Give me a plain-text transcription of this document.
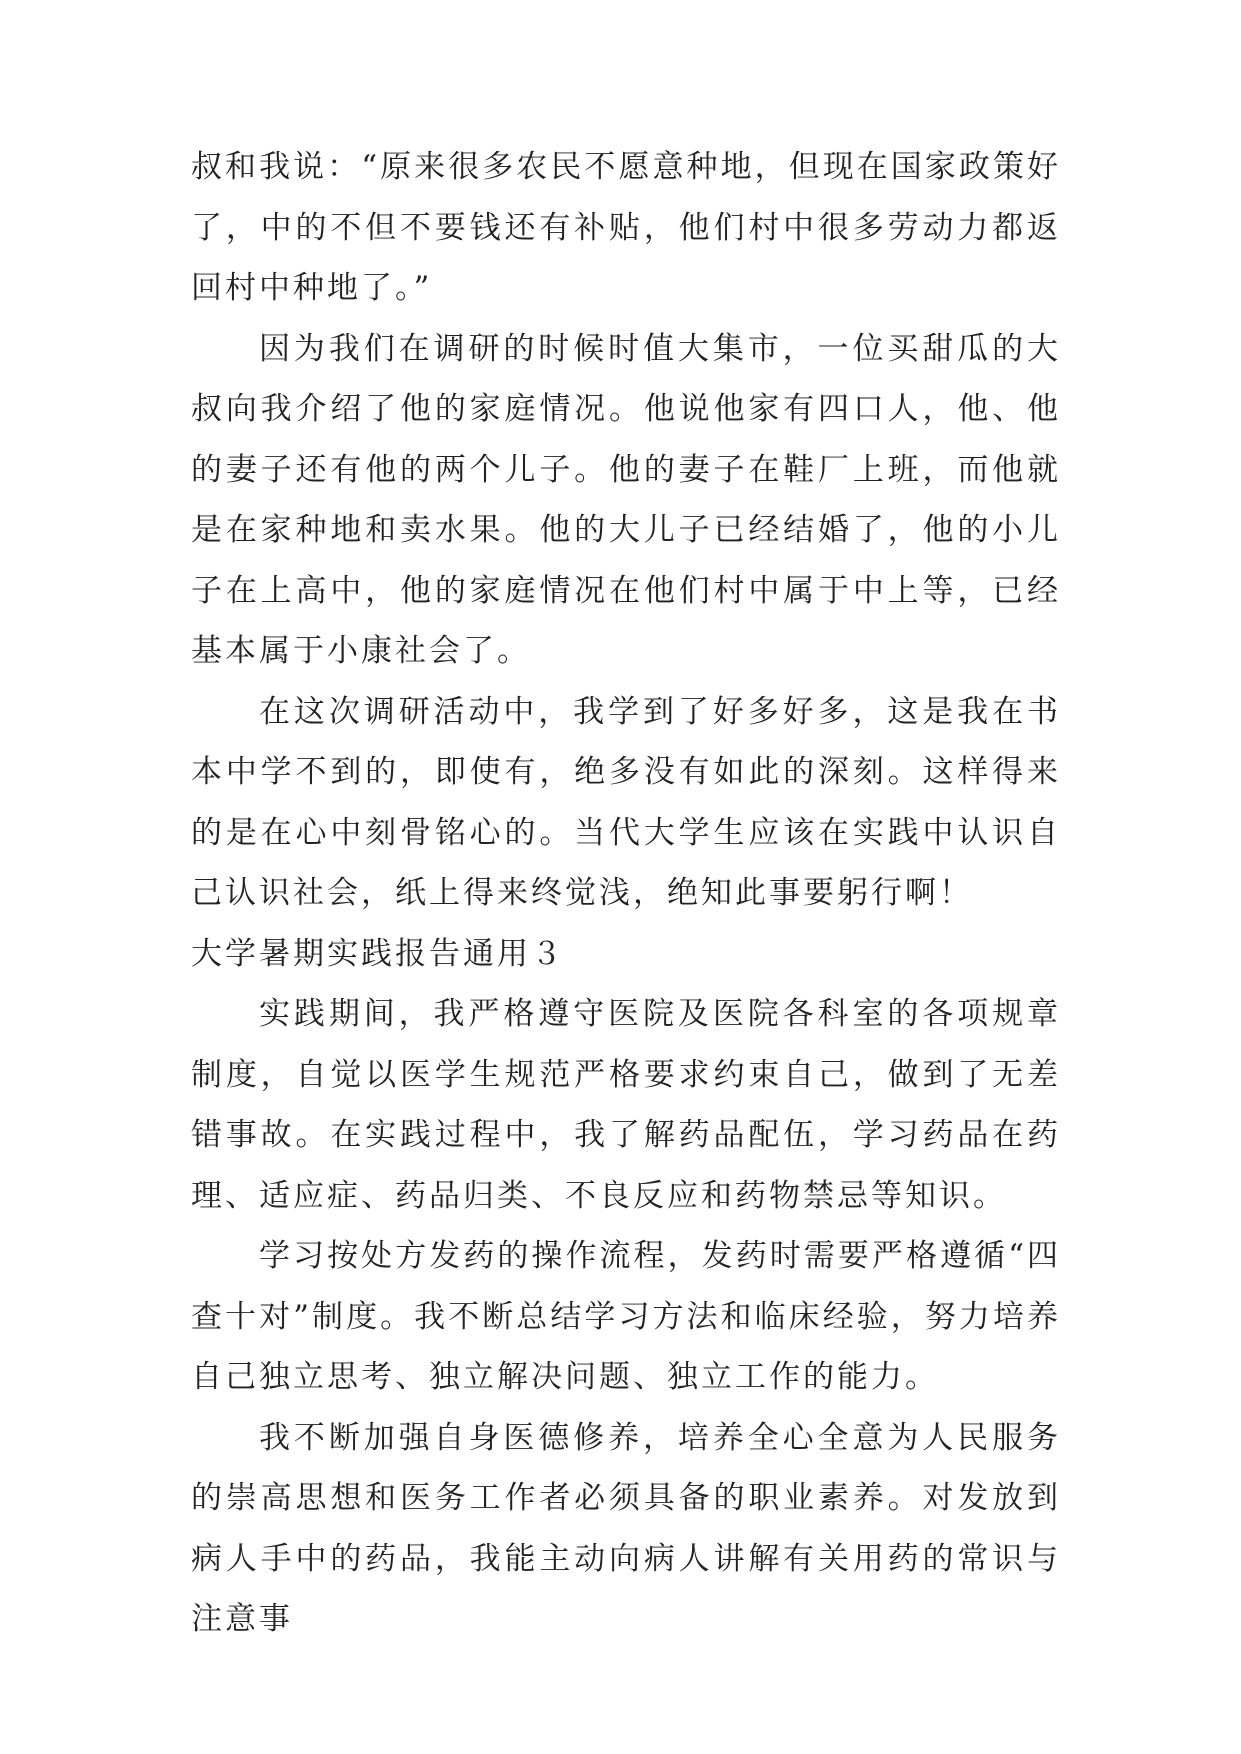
叔和我说：“原来很多农民不愿意种地，但现在国家政策好了，中的不但不要钱还有补贴，他们村中很多劳动力都返回村中种地了。”

因为我们在调研的时候时值大集市，一位买甜瓜的大叔向我介绍了他的家庭情况。他说他家有四口人，他、他的妻子还有他的两个儿子。他的妻子在鞋厂上班，而他就是在家种地和卖水果。他的大儿子已经结婚了，他的小儿子在上高中，他的家庭情况在他们村中属于中上等，已经基本属于小康社会了。

在这次调研活动中，我学到了好多好多，这是我在书本中学不到的，即使有，绝多没有如此的深刻。这样得来的是在心中刻骨铭心的。当代大学生应该在实践中认识自己认识社会，纸上得来终觉浅，绝知此事要躬行啊！

大学暑期实践报告通用３

实践期间，我严格遵守医院及医院各科室的各项规章制度，自觉以医学生规范严格要求约束自己，做到了无差错事故。在实践过程中，我了解药品配伍，学习药品在药理、适应症、药品归类、不良反应和药物禁忌等知识。

学习按处方发药的操作流程，发药时需要严格遵循“四查十对”制度。我不断总结学习方法和临床经验，努力培养自己独立思考、独立解决问题、独立工作的能力。

我不断加强自身医德修养，培养全心全意为人民服务的崇高思想和医务工作者必须具备的职业素养。对发放到病人手中的药品，我能主动向病人讲解有关用药的常识与注意事
